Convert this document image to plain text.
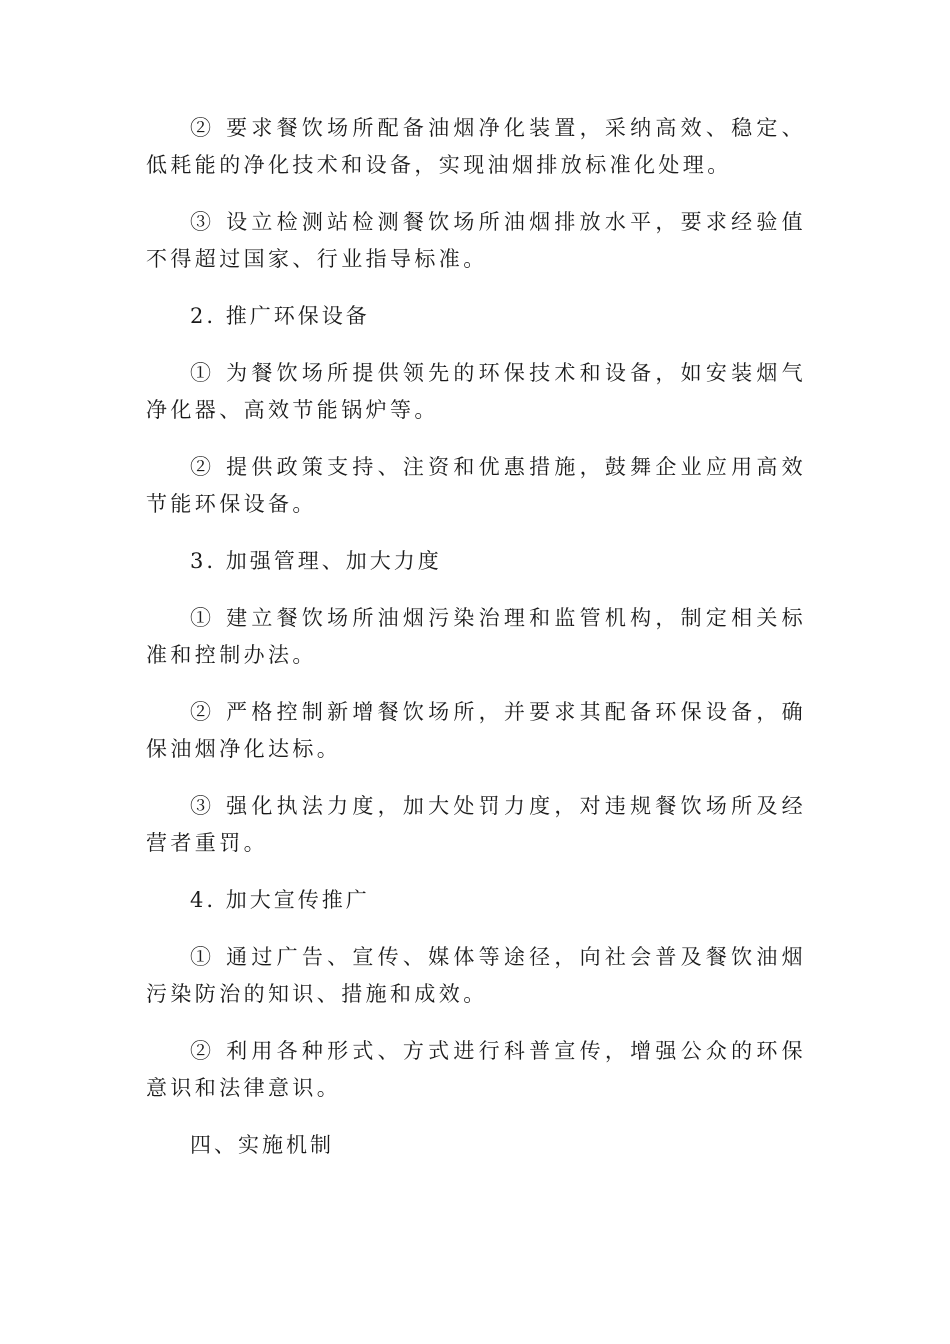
② 要求餐饮场所配备油烟净化装置，采纳高效、稳定、低耗能的净化技术和设备，实现油烟排放标准化处理。

③ 设立检测站检测餐饮场所油烟排放水平，要求经验值不得超过国家、行业指导标准。

2. 推广环保设备

① 为餐饮场所提供领先的环保技术和设备，如安装烟气净化器、高效节能锅炉等。

② 提供政策支持、注资和优惠措施，鼓舞企业应用高效节能环保设备。

3. 加强管理、加大力度

① 建立餐饮场所油烟污染治理和监管机构，制定相关标准和控制办法。

② 严格控制新增餐饮场所，并要求其配备环保设备，确保油烟净化达标。

③ 强化执法力度，加大处罚力度，对违规餐饮场所及经营者重罚。

4. 加大宣传推广

① 通过广告、宣传、媒体等途径，向社会普及餐饮油烟污染防治的知识、措施和成效。

② 利用各种形式、方式进行科普宣传，增强公众的环保意识和法律意识。

四、实施机制
